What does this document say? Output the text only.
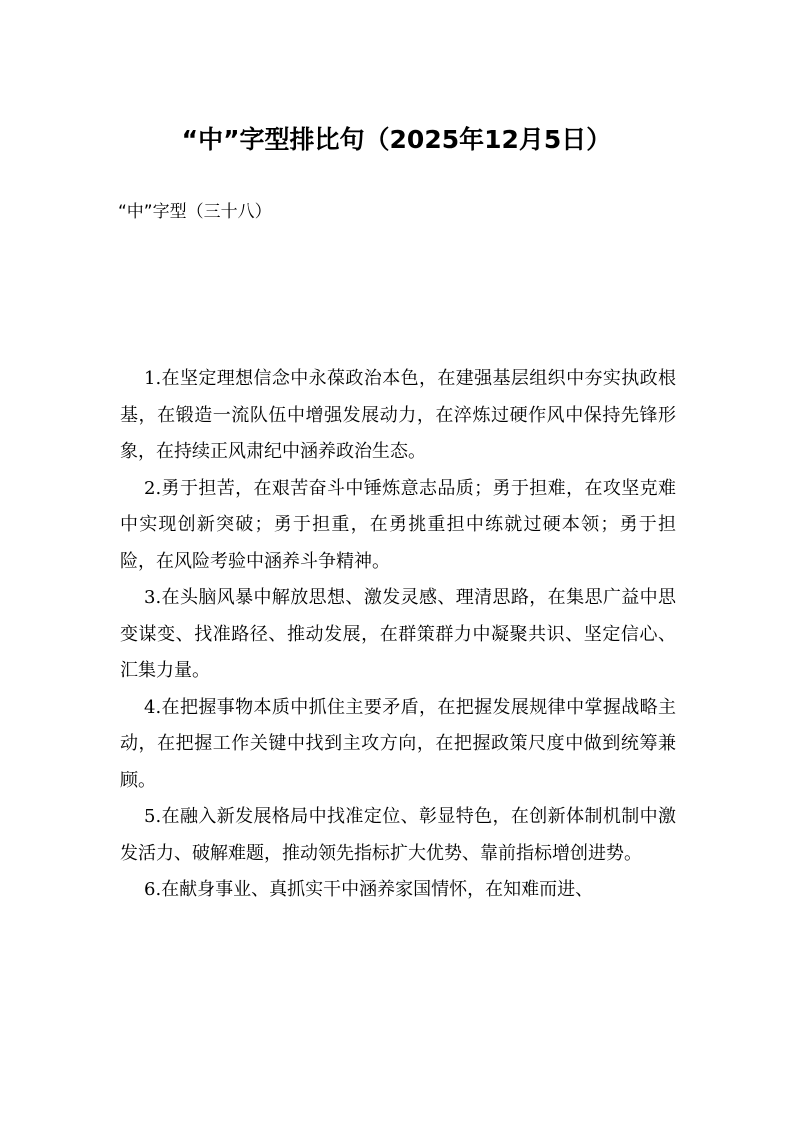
“中”字型排比句（2025年12月5日）
“中”字型（三十八）

1.在坚定理想信念中永葆政治本色，在建强基层组织中夯实执政根基，在锻造一流队伍中增强发展动力，在淬炼过硬作风中保持先锋形象，在持续正风肃纪中涵养政治生态。

2.勇于担苦，在艰苦奋斗中锤炼意志品质；勇于担难，在攻坚克难中实现创新突破；勇于担重，在勇挑重担中练就过硬本领；勇于担险，在风险考验中涵养斗争精神。

3.在头脑风暴中解放思想、激发灵感、理清思路，在集思广益中思变谋变、找准路径、推动发展，在群策群力中凝聚共识、坚定信心、汇集力量。

4.在把握事物本质中抓住主要矛盾，在把握发展规律中掌握战略主动，在把握工作关键中找到主攻方向，在把握政策尺度中做到统筹兼顾。

5.在融入新发展格局中找准定位、彰显特色，在创新体制机制中激发活力、破解难题，推动领先指标扩大优势、靠前指标增创进势。

6.在献身事业、真抓实干中涵养家国情怀，在知难而进、
